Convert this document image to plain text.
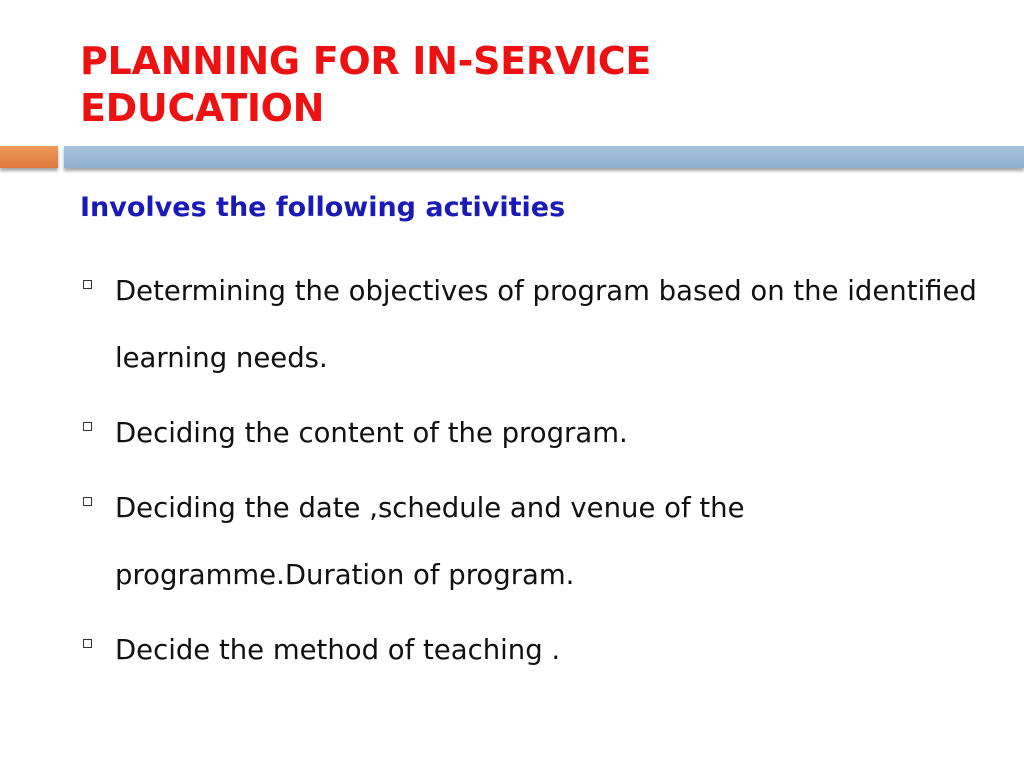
PLANNING FOR IN-SERVICE
EDUCATION
Involves the following activities
Determining the objectives of program based on the identified learning needs.
Deciding the content of the program.
Deciding the date ,schedule and venue of the programme.Duration of program.
Decide the method of teaching .
